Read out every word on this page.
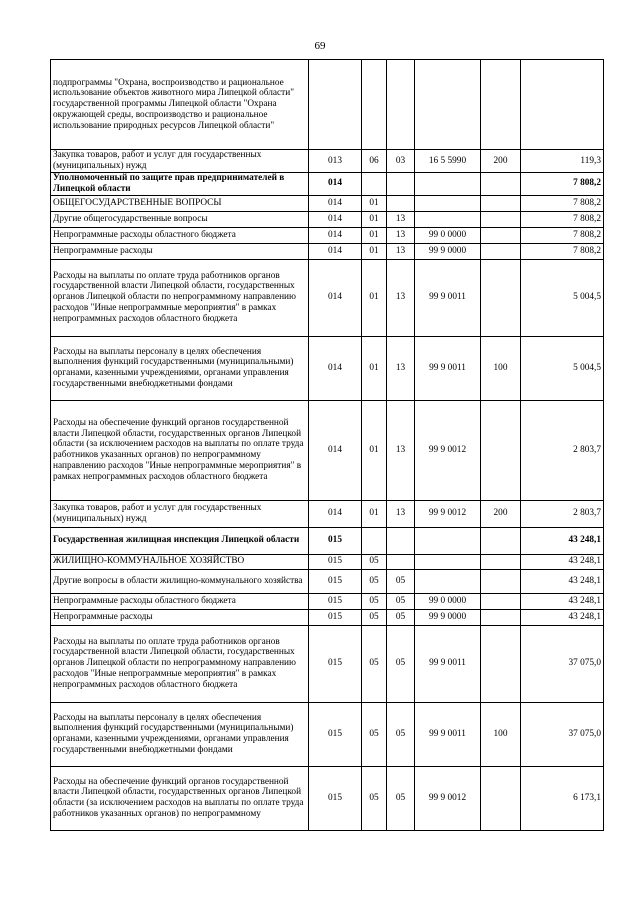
69
подпрограммы "Охрана, воспроизводство и рациональное использование объектов животного мира Липецкой области" государственной программы Липецкой области "Охрана окружающей среды, воспроизводство и рациональное использование природных ресурсов Липецкой области"						
Закупка товаров, работ и услуг для государственных (муниципальных) нужд	013	06	03	16 5 5990	200	119,3
Уполномоченный по защите прав предпринимателей в Липецкой области	014					7 808,2
ОБЩЕГОСУДАРСТВЕННЫЕ ВОПРОСЫ	014	01				7 808,2
Другие общегосударственные вопросы	014	01	13			7 808,2
Непрограммные расходы областного бюджета	014	01	13	99 0 0000		7 808,2
Непрограммные расходы	014	01	13	99 9 0000		7 808,2
Расходы на выплаты по оплате труда работников органов государственной власти Липецкой области, государственных органов Липецкой области по непрограммному направлению расходов "Иные непрограммные мероприятия" в рамках непрограммных расходов областного бюджета	014	01	13	99 9 0011		5 004,5
Расходы на выплаты персоналу в целях обеспечения выполнения функций государственными (муниципальными) органами, казенными учреждениями, органами управления государственными внебюджетными фондами	014	01	13	99 9 0011	100	5 004,5
Расходы на обеспечение функций органов государственной власти Липецкой области, государственных органов Липецкой области (за исключением расходов на выплаты по оплате труда работников указанных органов) по непрограммному направлению расходов "Иные непрограммные мероприятия" в рамках непрограммных расходов областного бюджета	014	01	13	99 9 0012		2 803,7
Закупка товаров, работ и услуг для государственных (муниципальных) нужд	014	01	13	99 9 0012	200	2 803,7
Государственная жилищная инспекция Липецкой области	015					43 248,1
ЖИЛИЩНО-КОММУНАЛЬНОЕ ХОЗЯЙСТВО	015	05				43 248,1
Другие вопросы в области жилищно-коммунального хозяйства	015	05	05			43 248,1
Непрограммные расходы областного бюджета	015	05	05	99 0 0000		43 248,1
Непрограммные расходы	015	05	05	99 9 0000		43 248,1
Расходы на выплаты по оплате труда работников органов государственной власти Липецкой области, государственных органов Липецкой области по непрограммному направлению расходов "Иные непрограммные мероприятия" в рамках непрограммных расходов областного бюджета	015	05	05	99 9 0011		37 075,0
Расходы на выплаты персоналу в целях обеспечения выполнения функций государственными (муниципальными) органами, казенными учреждениями, органами управления государственными внебюджетными фондами	015	05	05	99 9 0011	100	37 075,0
Расходы на обеспечение функций органов государственной власти Липецкой области, государственных органов Липецкой области (за исключением расходов на выплаты по оплате труда работников указанных органов) по непрограммному	015	05	05	99 9 0012		6 173,1
